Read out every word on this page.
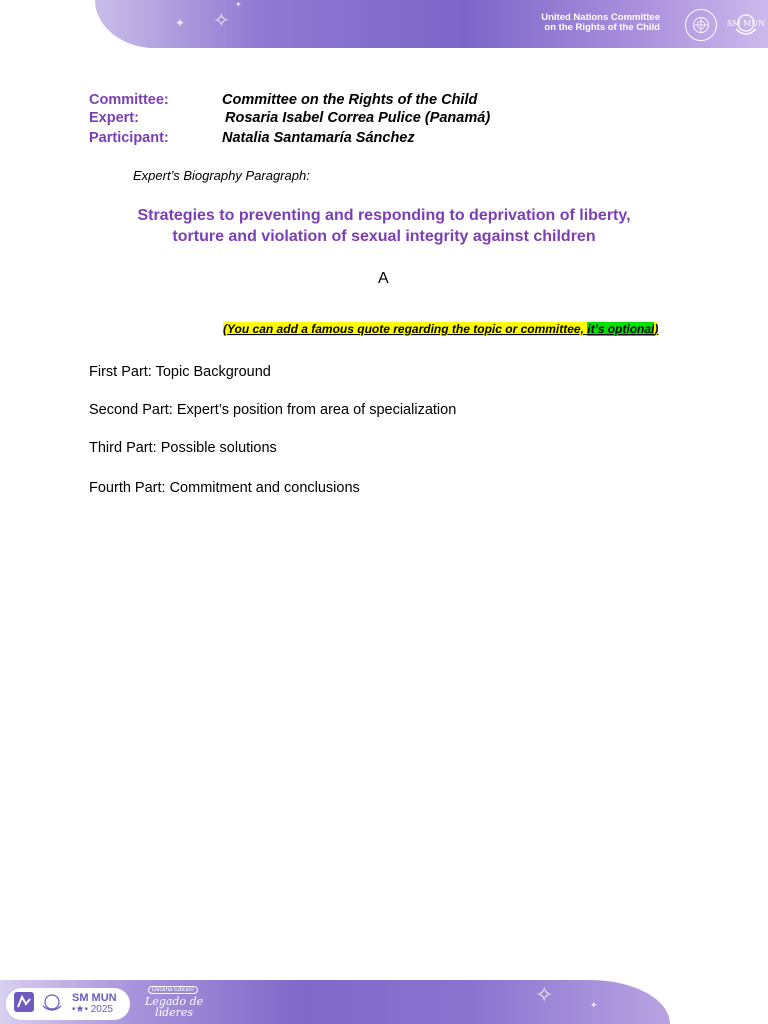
✦ ✧
✦
United Nations Committee
on the Rights of the Child	SM MUN
Committee:	Committee on the Rights of the Child
Expert:	Rosaria Isabel Correa Pulice (Panamá)
Participant:	Natalia Santamaría Sánchez
Expert’s Biography Paragraph:
Strategies to preventing and responding to deprivation of liberty,
torture and violation of sexual integrity against children
A
(You can add a famous quote regarding the topic or committee, it’s optional)
First Part: Topic Background
Second Part: Expert’s position from area of specialization
Third Part: Possible solutions
Fourth Part: Commitment and conclusions
SM MUN
•★• 2025
Décima Edición
Legado de
líderes
✧	✦
